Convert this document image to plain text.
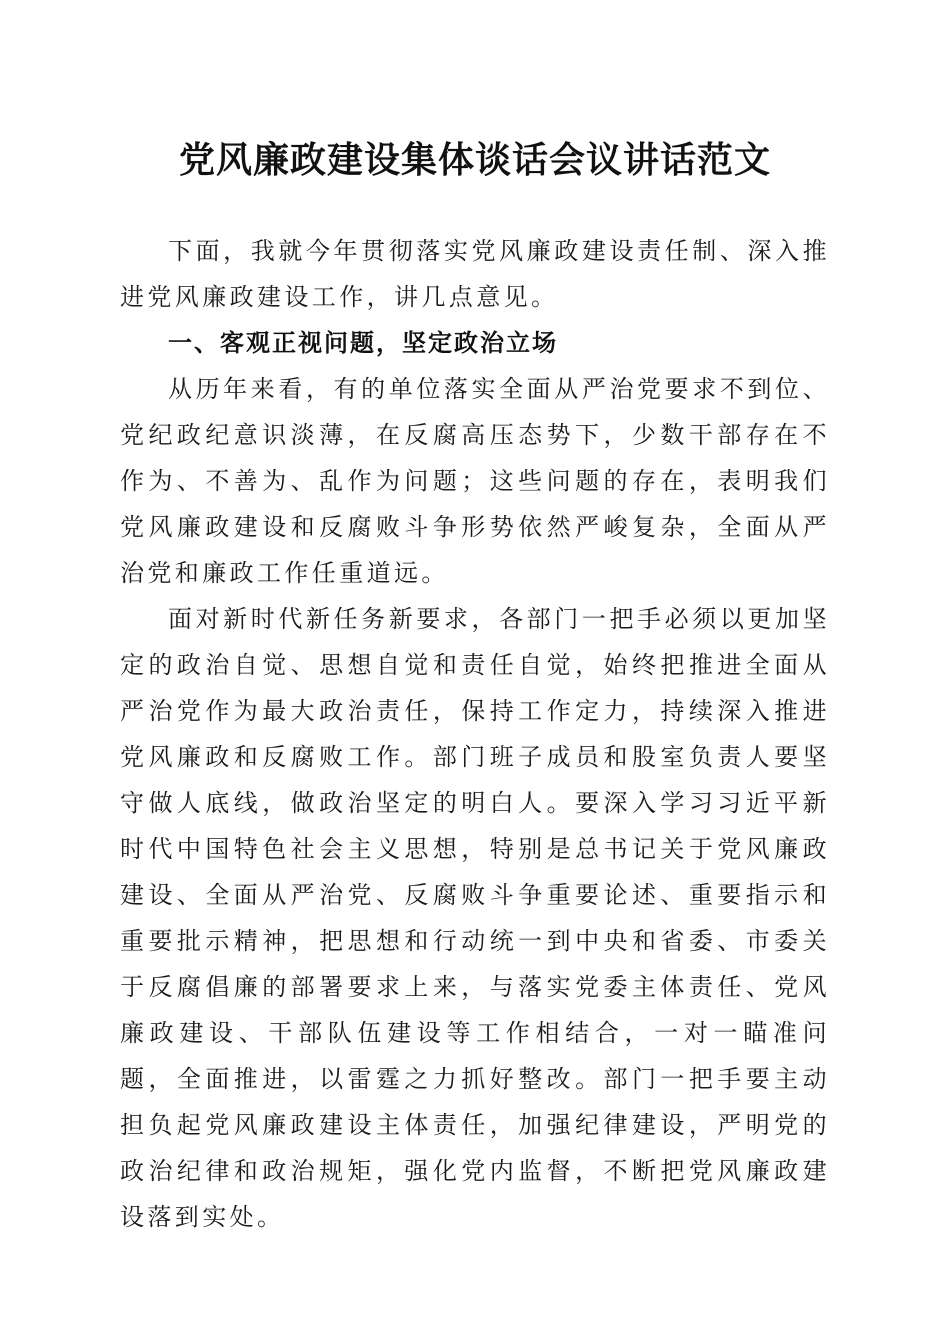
党风廉政建设集体谈话会议讲话范文

下面，我就今年贯彻落实党风廉政建设责任制、深入推进党风廉政建设工作，讲几点意见。

一、客观正视问题，坚定政治立场

从历年来看，有的单位落实全面从严治党要求不到位、党纪政纪意识淡薄，在反腐高压态势下，少数干部存在不作为、不善为、乱作为问题；这些问题的存在，表明我们党风廉政建设和反腐败斗争形势依然严峻复杂，全面从严治党和廉政工作任重道远。

面对新时代新任务新要求，各部门一把手必须以更加坚定的政治自觉、思想自觉和责任自觉，始终把推进全面从严治党作为最大政治责任，保持工作定力，持续深入推进党风廉政和反腐败工作。部门班子成员和股室负责人要坚守做人底线，做政治坚定的明白人。要深入学习习近平新时代中国特色社会主义思想，特别是总书记关于党风廉政建设、全面从严治党、反腐败斗争重要论述、重要指示和重要批示精神，把思想和行动统一到中央和省委、市委关于反腐倡廉的部署要求上来，与落实党委主体责任、党风廉政建设、干部队伍建设等工作相结合，一对一瞄准问题，全面推进，以雷霆之力抓好整改。部门一把手要主动担负起党风廉政建设主体责任，加强纪律建设，严明党的政治纪律和政治规矩，强化党内监督，不断把党风廉政建设落到实处。
